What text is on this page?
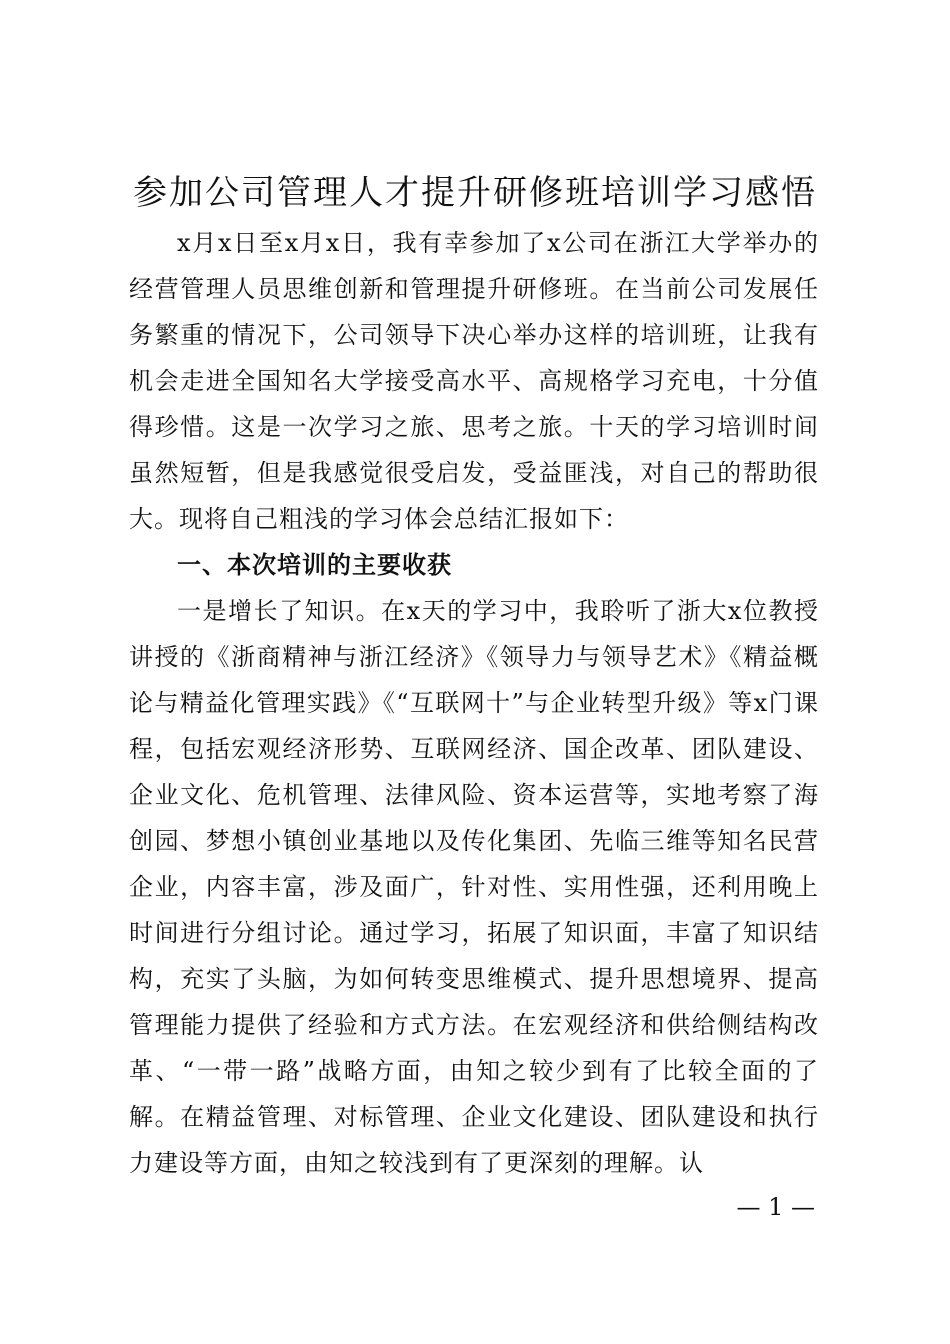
参加公司管理人才提升研修班培训学习感悟

x月x日至x月x日，我有幸参加了x公司在浙江大学举办的经营管理人员思维创新和管理提升研修班。在当前公司发展任务繁重的情况下，公司领导下决心举办这样的培训班，让我有机会走进全国知名大学接受高水平、高规格学习充电，十分值得珍惜。这是一次学习之旅、思考之旅。十天的学习培训时间虽然短暂，但是我感觉很受启发，受益匪浅，对自己的帮助很大。现将自己粗浅的学习体会总结汇报如下：

一、本次培训的主要收获

一是增长了知识。在x天的学习中，我聆听了浙大x位教授讲授的《浙商精神与浙江经济》《领导力与领导艺术》《精益概论与精益化管理实践》《“互联网十”与企业转型升级》等x门课程，包括宏观经济形势、互联网经济、国企改革、团队建设、企业文化、危机管理、法律风险、资本运营等，实地考察了海创园、梦想小镇创业基地以及传化集团、先临三维等知名民营企业，内容丰富，涉及面广，针对性、实用性强，还利用晚上时间进行分组讨论。通过学习，拓展了知识面，丰富了知识结构，充实了头脑，为如何转变思维模式、提升思想境界、提高管理能力提供了经验和方式方法。在宏观经济和供给侧结构改革、“一带一路”战略方面，由知之较少到有了比较全面的了解。在精益管理、对标管理、企业文化建设、团队建设和执行力建设等方面，由知之较浅到有了更深刻的理解。认

— 1 —
